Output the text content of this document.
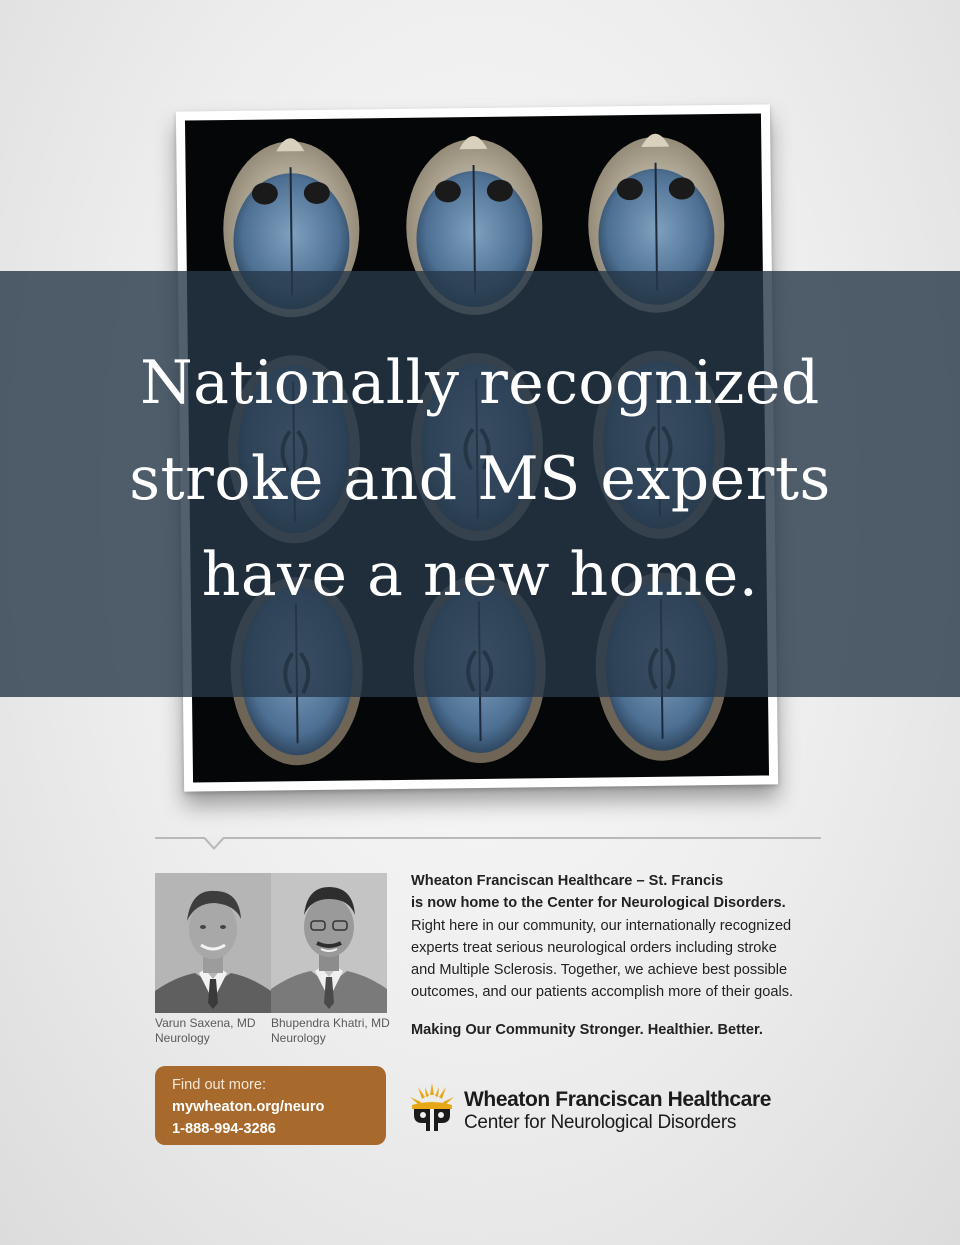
Nationally recognized
stroke and MS experts
have a new home.
Varun Saxena, MD
Neurology
Bhupendra Khatri, MD
Neurology

Wheaton Franciscan Healthcare – St. Francis

is now home to the Center for Neurological Disorders.

Right here in our community, our internationally recognized

experts treat serious neurological orders including stroke

and Multiple Sclerosis. Together, we achieve best possible

outcomes, and our patients accomplish more of their goals.

Making Our Community Stronger. Healthier. Better.
Find out more:
mywheaton.org/neuro
1-888-994-3286
Wheaton Franciscan Healthcare
Center for Neurological Disorders
